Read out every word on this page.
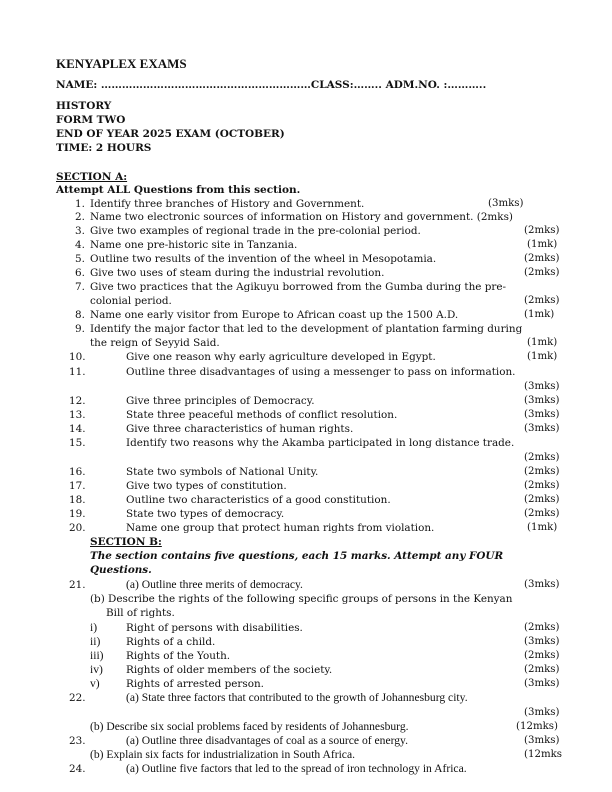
KENYAPLEX EXAMS
NAME: ……………………………………………………CLASS:…….. ADM.NO. :………..
HISTORY
FORM TWO
END OF YEAR 2025 EXAM (OCTOBER)
TIME: 2 HOURS
SECTION A:
Attempt ALL Questions from this section.
1. Identify three branches of History and Government.	(3mks)
2. Name two electronic sources of information on History and government. (2mks)
3. Give two examples of regional trade in the pre-colonial period.	(2mks)
4. Name one pre-historic site in Tanzania.	(1mk)
5. Outline two results of the invention of the wheel in Mesopotamia.	(2mks)
6. Give two uses of steam during the industrial revolution.	(2mks)
7. Give two practices that the Agikuyu borrowed from the Gumba during the pre-
colonial period.	(2mks)
8. Name one early visitor from Europe to African coast up the 1500 A.D.	(1mk)
9. Identify the major factor that led to the development of plantation farming during
the reign of Seyyid Said.	(1mk)
10.	Give one reason why early agriculture developed in Egypt.	(1mk)
11.	Outline three disadvantages of using a messenger to pass on information.
(3mks)
12.	Give three principles of Democracy.	(3mks)
13.	State three peaceful methods of conflict resolution.	(3mks)
14.	Give three characteristics of human rights.	(3mks)
15.	Identify two reasons why the Akamba participated in long distance trade.
(2mks)
16.	State two symbols of National Unity.	(2mks)
17.	Give two types of constitution.	(2mks)
18.	Outline two characteristics of a good constitution.	(2mks)
19.	State two types of democracy.	(2mks)
20.	Name one group that protect human rights from violation.	(1mk)
SECTION B:
The section contains five questions, each 15 marks. Attempt any FOUR
Questions.
21.	(a) Outline three merits of democracy.	(3mks)
(b) Describe the rights of the following specific groups of persons in the Kenyan
Bill of rights.
i)	Right of persons with disabilities.	(2mks)
ii) Rights of a child.	(3mks)
iii) Rights of the Youth.	(2mks)
iv) Rights of older members of the society.	(2mks)
v)	Rights of arrested person.	(3mks)
22.	(a) State three factors that contributed to the growth of Johannesburg city.
(3mks)
(b) Describe six social problems faced by residents of Johannesburg.	(12mks)
23.	(a) Outline three disadvantages of coal as a source of energy.	(3mks)
(b) Explain six facts for industrialization in South Africa.	(12mks
24.	(a) Outline five factors that led to the spread of iron technology in Africa.
